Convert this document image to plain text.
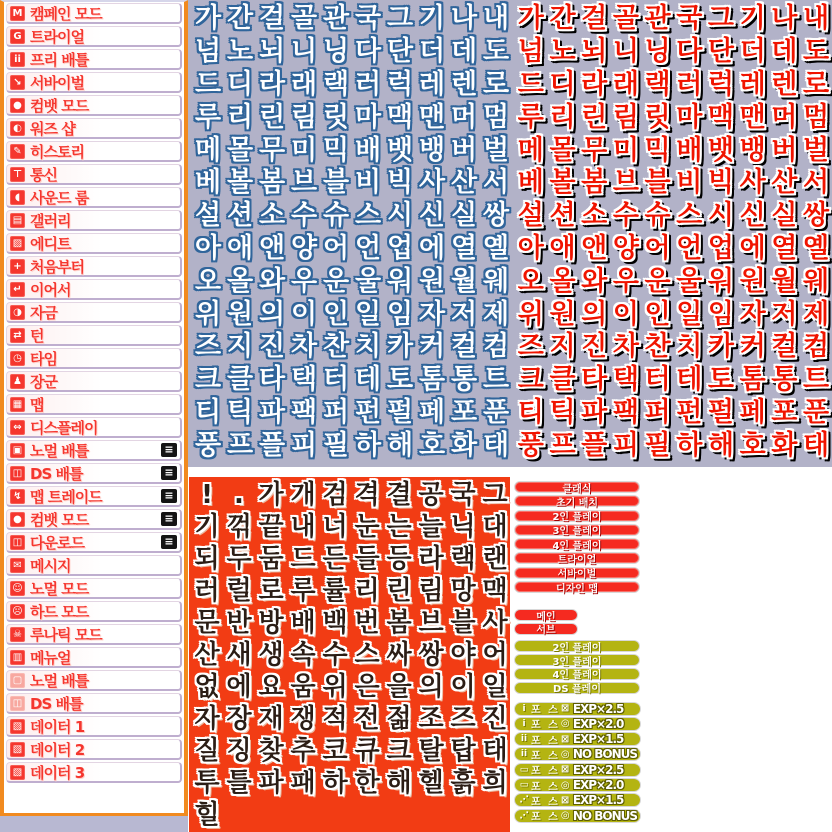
M 캠페인 모드
G 트라이얼
ii 프리 배틀
↘ 서바이벌
● 컴뱃 모드
◐ 워즈 샵
✎ 히스토리
⊤ 통신
◖ 사운드 룸
▤ 갤러리
▨ 에디트
+ 처음부터
↵ 이어서
◑ 자금
⇄ 턴
◷ 타임
♟ 장군
▦ 맵
⇔ 디스플레이
▣ 노멀 배틀	≡
◫ DS 배틀	≡
↯ 맵 트레이드	≡
● 컴뱃 모드	≡
◫ 다운로드	≡
✉ 메시지
☺ 노멀 모드
☹ 하드 모드
☠ 루나틱 모드
▥ 메뉴얼
▢ 노멀 배틀
◫ DS 배틀
▧ 데이터 1
▧ 데이터 2
▧ 데이터 3
가 간 걸 골 관 국 그 기 나 내
넘 노 뇌 니 닝 다 단 더 데 도
드 디 라 래 랙 러 럭 레 렌 로
루 리 린 림 릿 마 맥 맨 머 멈
메 몰 무 미 믹 배 뱃 뱅 버 벌
베 볼 봄 브 블 비 빅 사 산 서
설 션 소 수 슈 스 시 신 실 쌍
아 애 앤 양 어 언 업 에 열 옐
오 올 와 우 운 울 워 원 월 웨
위 원 의 이 인 일 임 자 저 제
즈 지 진 차 찬 치 카 커 컬 컴
크 클 타 택 터 테 토 톰 통 트
티 틱 파 팩 퍼 펀 펄 페 포 푼
풍 프 플 피 필 하 해 호 화 태
가 간 걸 골 관 국 그 기 나 내
넘 노 뇌 니 닝 다 단 더 데 도
드 디 라 래 랙 러 럭 레 렌 로
루 리 린 림 릿 마 맥 맨 머 멈
메 몰 무 미 믹 배 뱃 뱅 버 벌
베 볼 봄 브 블 비 빅 사 산 서
설 션 소 수 슈 스 시 신 실 쌍
아 애 앤 양 어 언 업 에 열 옐
오 올 와 우 운 울 워 원 월 웨
위 원 의 이 인 일 임 자 저 제
즈 지 진 차 찬 치 카 커 컬 컴
크 클 타 택 터 테 토 톰 통 트
티 틱 파 팩 퍼 펀 펄 페 포 푼
풍 프 플 피 필 하 해 호 화 태
! . 가 개 검 격 결 공 국 그
기 꺾 끝 내 너 눈 는 늘 닉 대
되 두 둠 드 든 들 등 라 랙 랜
러 럴 로 루 률 리 린 림 망 맥
문 반 방 배 백 번 봄 브 블 사
산 새 생 속 수 스 싸 쌍 야 어
없 에 요 움 위 은 을 의 이 일
자 장 재 쟁 적 전 젊 조 즈 진
질 징 찾 추 코 큐 크 탈 탑 태
투 틀 파 패 하 한 해 헬 흙 희
힐
클래식
초기 배치
2인 플레이
3인 플레이
4인 플레이
트라이얼
서바이벌
디자인 맵
메인
서브
2인 플레이
3인 플레이
4인 플레이
DS 플레이
i 포 스 ⊠ EXP×2.5
i 포 스 ◎ EXP×2.0
ii 포 스 ⊠ EXP×1.5
ii 포 스 ◎ NO BONUS
▭ 포 스 ⊠ EXP×2.5
▭ 포 스 ◎ EXP×2.0
⋰ 포 스 ⊠ EXP×1.5
⋰ 포 스 ◎ NO BONUS
